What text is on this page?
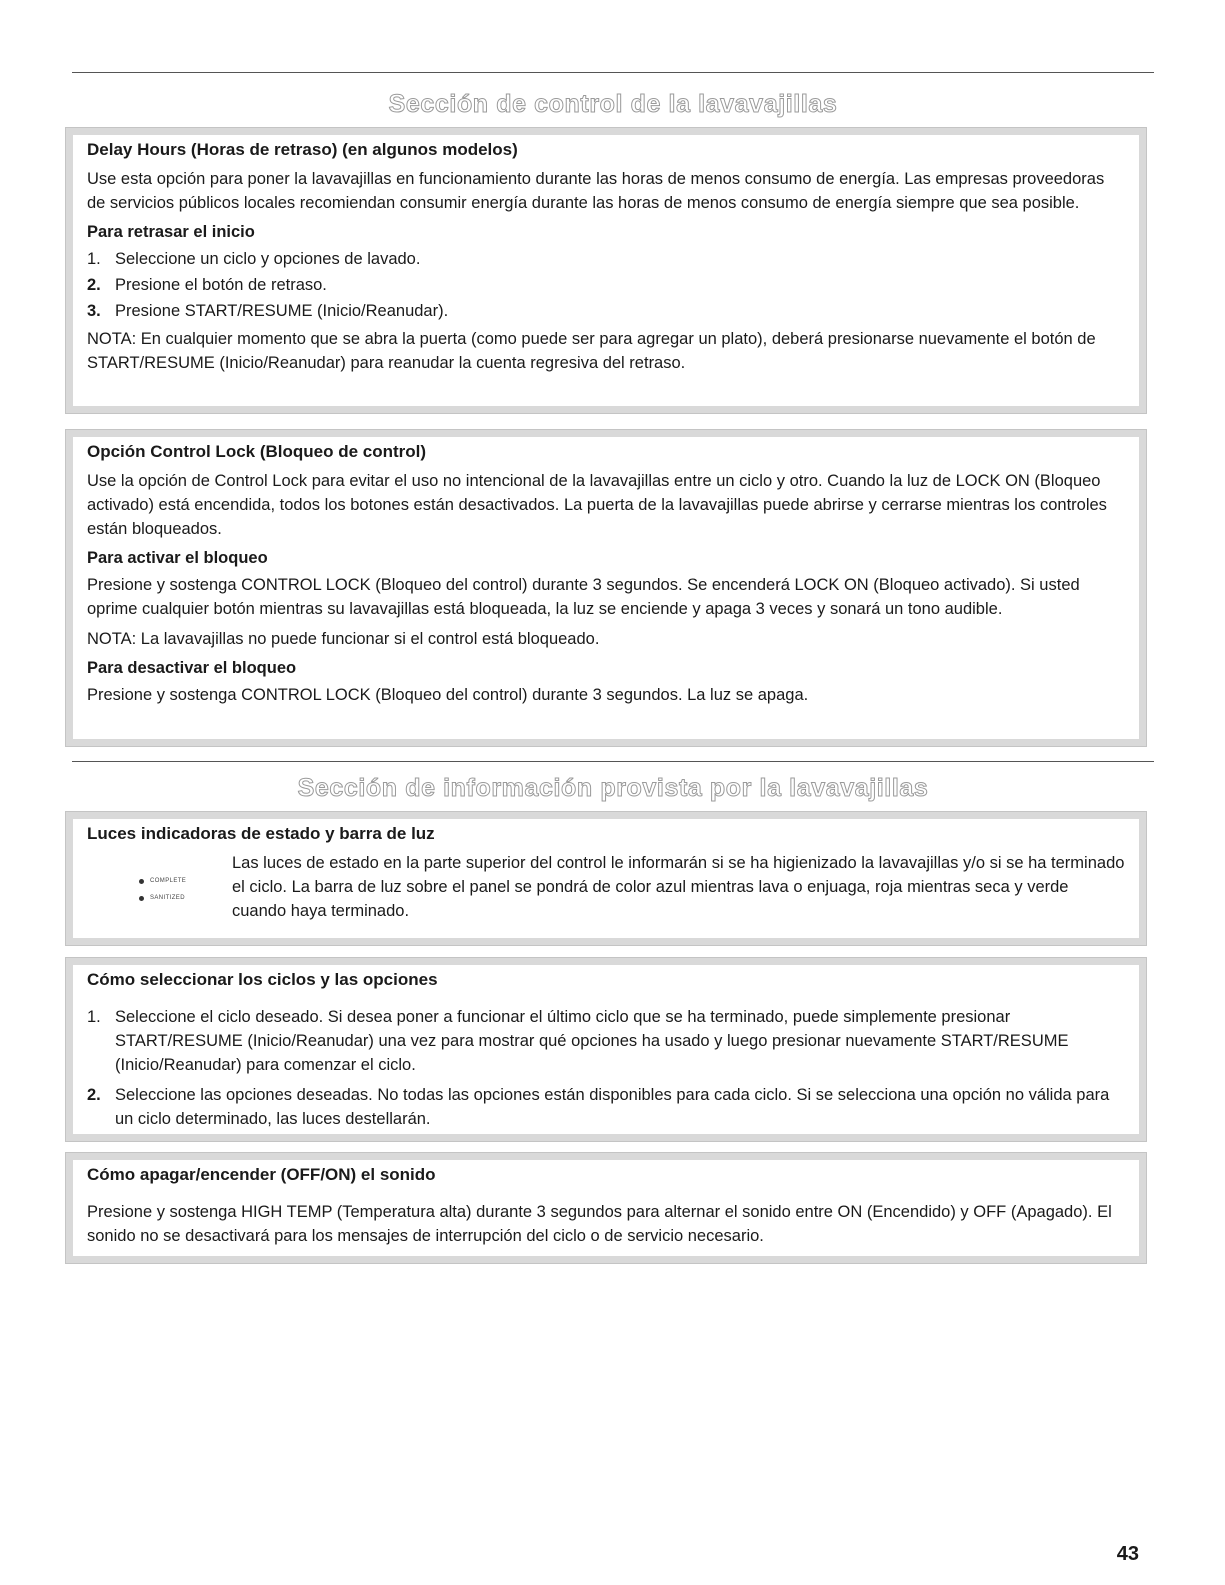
Sección de control de la lavavajillas
Delay Hours (Horas de retraso) (en algunos modelos)

Use esta opción para poner la lavavajillas en funcionamiento durante las horas de menos consumo de energía. Las empresas proveedoras de servicios públicos locales recomiendan consumir energía durante las horas de menos consumo de energía siempre que sea posible.

Para retrasar el inicio
1. Seleccione un ciclo y opciones de lavado.
2. Presione el botón de retraso.
3. Presione START/RESUME (Inicio/Reanudar).

NOTA: En cualquier momento que se abra la puerta (como puede ser para agregar un plato), deberá presionarse nuevamente el botón de START/RESUME (Inicio/Reanudar) para reanudar la cuenta regresiva del retraso.

Opción Control Lock (Bloqueo de control)

Use la opción de Control Lock para evitar el uso no intencional de la lavavajillas entre un ciclo y otro. Cuando la luz de LOCK ON (Bloqueo activado) está encendida, todos los botones están desactivados. La puerta de la lavavajillas puede abrirse y cerrarse mientras los controles están bloqueados.

Para activar el bloqueo

Presione y sostenga CONTROL LOCK (Bloqueo del control) durante 3 segundos. Se encenderá LOCK ON (Bloqueo activado). Si usted oprime cualquier botón mientras su lavavajillas está bloqueada, la luz se enciende y apaga 3 veces y sonará un tono audible.

NOTA: La lavavajillas no puede funcionar si el control está bloqueado.

Para desactivar el bloqueo

Presione y sostenga CONTROL LOCK (Bloqueo del control) durante 3 segundos. La luz se apaga.

Sección de información provista por la lavavajillas
Luces indicadoras de estado y barra de luz
COMPLETE
SANITIZED

Las luces de estado en la parte superior del control le informarán si se ha higienizado la lavavajillas y/o si se ha terminado el ciclo. La barra de luz sobre el panel se pondrá de color azul mientras lava o enjuaga, roja mientras seca y verde cuando haya terminado.

Cómo seleccionar los ciclos y las opciones
1. Seleccione el ciclo deseado. Si desea poner a funcionar el último ciclo que se ha terminado, puede simplemente presionar START/RESUME (Inicio/Reanudar) una vez para mostrar qué opciones ha usado y luego presionar nuevamente START/RESUME (Inicio/Reanudar) para comenzar el ciclo.
2. Seleccione las opciones deseadas. No todas las opciones están disponibles para cada ciclo. Si se selecciona una opción no válida para un ciclo determinado, las luces destellarán.
Cómo apagar/encender (OFF/ON) el sonido

Presione y sostenga HIGH TEMP (Temperatura alta) durante 3 segundos para alternar el sonido entre ON (Encendido) y OFF (Apagado). El sonido no se desactivará para los mensajes de interrupción del ciclo o de servicio necesario.

43
